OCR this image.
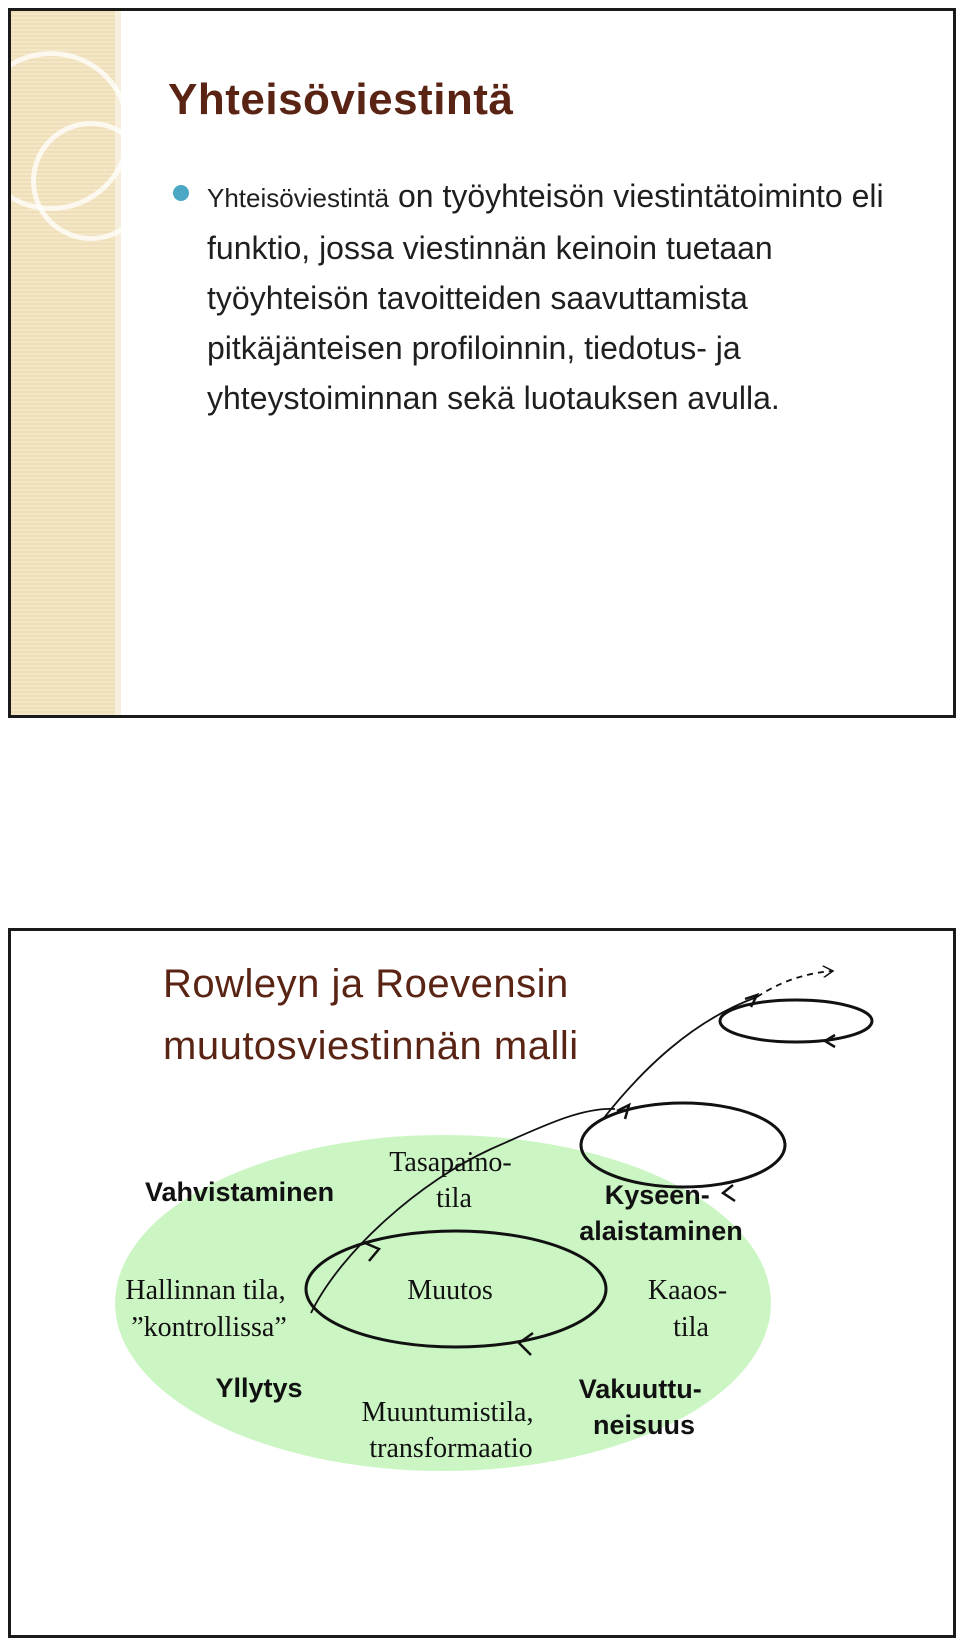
Yhteisöviestintä

Yhteisöviestintä on työyhteisön viestintätoiminto eli funktio, jossa viestinnän keinoin tuetaan työyhteisön tavoitteiden saavuttamista pitkäjänteisen profiloinnin, tiedotus- ja yhteystoiminnan sekä luotauksen avulla.

Rowleyn ja Roevensin
muutosviestinnän malli
Vahvistaminen
Tasapaino- tila	Kyseen- alaistaminen
Hallinnan tila, ”kontrollissa”
Muutos	Kaaos- tila
Yllytys
Muuntumistila, transformaatio
Vakuuttu- neisuus
